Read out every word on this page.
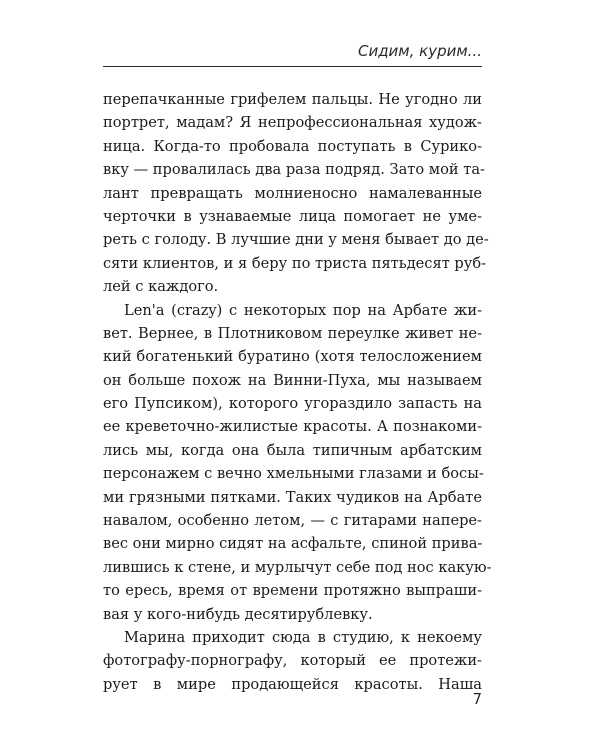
Сидим, курим...
перепачканные грифелем пальцы. Не угодно ли
портрет, мадам? Я непрофессиональная худож-
ница. Когда-то пробовала поступать в Сурико-
вку — провалилась два раза подряд. Зато мой та-
лант превращать молниеносно намалеванные
черточки в узнаваемые лица помогает не уме-
реть с голоду. В лучшие дни у меня бывает до де-
сяти клиентов, и я беру по триста пятьдесят руб-
лей с каждого.
Len'a (crazy) с некоторых пор на Арбате жи-
вет. Вернее, в Плотниковом переулке живет не-
кий богатенький буратино (хотя телосложением
он больше похож на Винни-Пуха, мы называем
его Пупсиком), которого угораздило запасть на
ее креветочно-жилистые красоты. А познакоми-
лись мы, когда она была типичным арбатским
персонажем с вечно хмельными глазами и босы-
ми грязными пятками. Таких чудиков на Арбате
навалом, особенно летом, — с гитарами напере-
вес они мирно сидят на асфальте, спиной прива-
лившись к стене, и мурлычут себе под нос какую-
то ересь, время от времени протяжно выпраши-
вая у кого-нибудь десятирублевку.
Марина приходит сюда в студию, к некоему
фотографу-порнографу, который ее протежи-
рует в мире продающейся красоты. Наша
7
